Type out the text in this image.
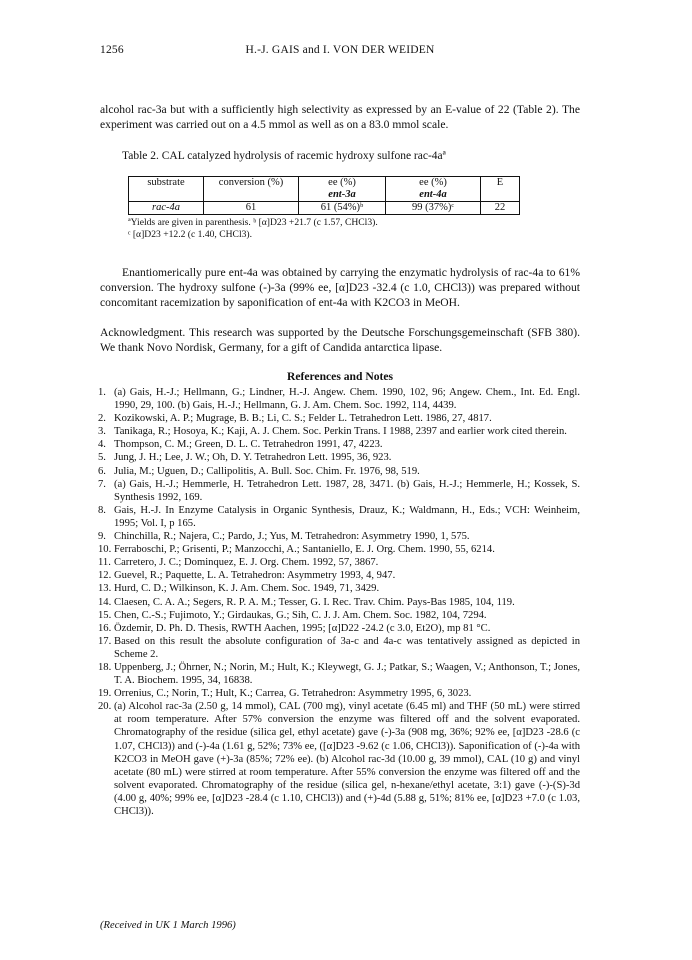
1256	H.-J. GAIS and I. VON DER WEIDEN
alcohol rac-3a but with a sufficiently high selectivity as expressed by an E-value of 22 (Table 2). The experiment was carried out on a 4.5 mmol as well as on a 83.0 mmol scale.
Table 2. CAL catalyzed hydrolysis of racemic hydroxy sulfone rac-4aª
substrate	conversion (%)	ee (%)	ee (%)	E
		ent-3a	ent-4a	
rac-4a	61	61 (54%)ᵇ	99 (37%)ᶜ	22
ªYields are given in parenthesis. ᵇ [α]D23 +21.7 (c 1.57, CHCl3).
ᶜ [α]D23 +12.2 (c 1.40, CHCl3).
Enantiomerically pure ent-4a was obtained by carrying the enzymatic hydrolysis of rac-4a to 61% conversion. The hydroxy sulfone (-)-3a (99% ee, [α]D23 -32.4 (c 1.0, CHCl3)) was prepared without concomitant racemization by saponification of ent-4a with K2CO3 in MeOH.
Acknowledgment. This research was supported by the Deutsche Forschungsgemeinschaft (SFB 380). We thank Novo Nordisk, Germany, for a gift of Candida antarctica lipase.
References and Notes
1. (a) Gais, H.-J.; Hellmann, G.; Lindner, H.-J. Angew. Chem. 1990, 102, 96; Angew. Chem., Int. Ed. Engl. 1990, 29, 100. (b) Gais, H.-J.; Hellmann, G. J. Am. Chem. Soc. 1992, 114, 4439.
2. Kozikowski, A. P.; Mugrage, B. B.; Li, C. S.; Felder L. Tetrahedron Lett. 1986, 27, 4817.
3. Tanikaga, R.; Hosoya, K.; Kaji, A. J. Chem. Soc. Perkin Trans. I 1988, 2397 and earlier work cited therein.
4. Thompson, C. M.; Green, D. L. C. Tetrahedron 1991, 47, 4223.
5. Jung, J. H.; Lee, J. W.; Oh, D. Y. Tetrahedron Lett. 1995, 36, 923.
6. Julia, M.; Uguen, D.; Callipolitis, A. Bull. Soc. Chim. Fr. 1976, 98, 519.
7. (a) Gais, H.-J.; Hemmerle, H. Tetrahedron Lett. 1987, 28, 3471. (b) Gais, H.-J.; Hemmerle, H.; Kossek, S. Synthesis 1992, 169.
8. Gais, H.-J. In Enzyme Catalysis in Organic Synthesis, Drauz, K.; Waldmann, H., Eds.; VCH: Weinheim, 1995; Vol. I, p 165.
9. Chinchilla, R.; Najera, C.; Pardo, J.; Yus, M. Tetrahedron: Asymmetry 1990, 1, 575.
10. Ferraboschi, P.; Grisenti, P.; Manzocchi, A.; Santaniello, E. J. Org. Chem. 1990, 55, 6214.
11. Carretero, J. C.; Dominquez, E. J. Org. Chem. 1992, 57, 3867.
12. Guevel, R.; Paquette, L. A. Tetrahedron: Asymmetry 1993, 4, 947.
13. Hurd, C. D.; Wilkinson, K. J. Am. Chem. Soc. 1949, 71, 3429.
14. Claesen, C. A. A.; Segers, R. P. A. M.; Tesser, G. I. Rec. Trav. Chim. Pays-Bas 1985, 104, 119.
15. Chen, C.-S.; Fujimoto, Y.; Girdaukas, G.; Sih, C. J. J. Am. Chem. Soc. 1982, 104, 7294.
16. Özdemir, D. Ph. D. Thesis, RWTH Aachen, 1995; [α]D22 -24.2 (c 3.0, Et2O), mp 81 °C.
17. Based on this result the absolute configuration of 3a-c and 4a-c was tentatively assigned as depicted in Scheme 2.
18. Uppenberg, J.; Öhrner, N.; Norin, M.; Hult, K.; Kleywegt, G. J.; Patkar, S.; Waagen, V.; Anthonson, T.; Jones, T. A. Biochem. 1995, 34, 16838.
19. Orrenius, C.; Norin, T.; Hult, K.; Carrea, G. Tetrahedron: Asymmetry 1995, 6, 3023.
20. (a) Alcohol rac-3a (2.50 g, 14 mmol), CAL (700 mg), vinyl acetate (6.45 ml) and THF (50 mL) were stirred at room temperature. After 57% conversion the enzyme was filtered off and the solvent evaporated. Chromatography of the residue (silica gel, ethyl acetate) gave (-)-3a (908 mg, 36%; 92% ee, [α]D23 -28.6 (c 1.07, CHCl3)) and (-)-4a (1.61 g, 52%; 73% ee, ([α]D23 -9.62 (c 1.06, CHCl3)). Saponification of (-)-4a with K2CO3 in MeOH gave (+)-3a (85%; 72% ee). (b) Alcohol rac-3d (10.00 g, 39 mmol), CAL (10 g) and vinyl acetate (80 mL) were stirred at room temperature. After 55% conversion the enzyme was filtered off and the solvent evaporated. Chromatography of the residue (silica gel, n-hexane/ethyl acetate, 3:1) gave (-)-(S)-3d (4.00 g, 40%; 99% ee, [α]D23 -28.4 (c 1.10, CHCl3)) and (+)-4d (5.88 g, 51%; 81% ee, [α]D23 +7.0 (c 1.03, CHCl3)).
(Received in UK 1 March 1996)
